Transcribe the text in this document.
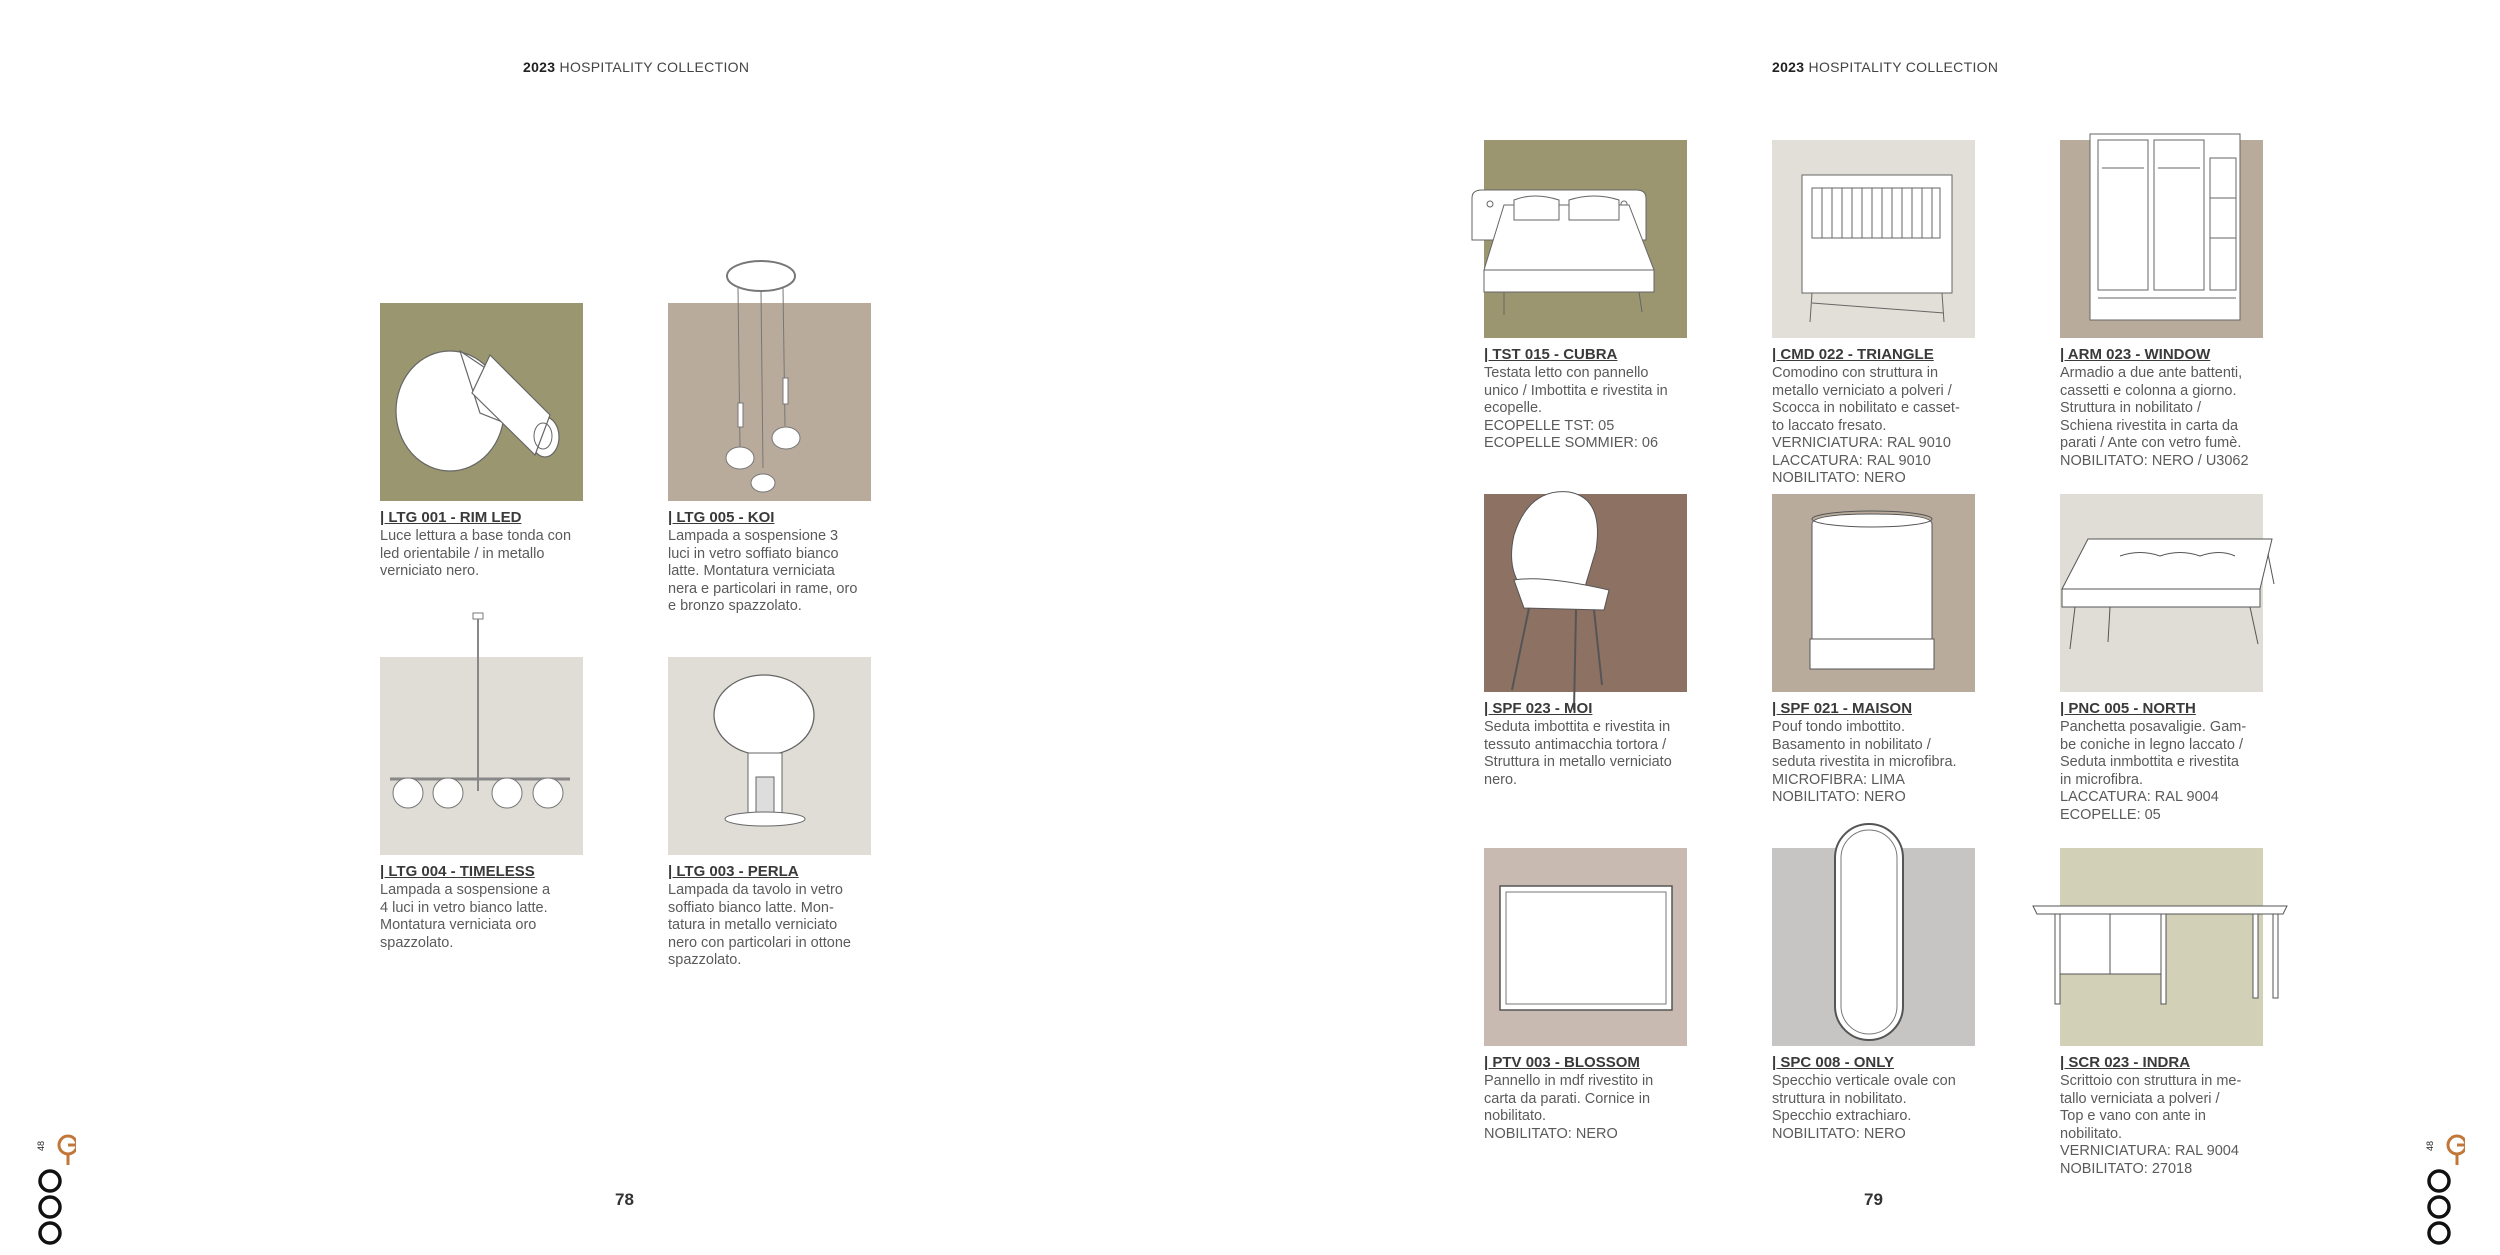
2023 HOSPITALITY COLLECTION	2023 HOSPITALITY COLLECTION
| LTG 001 - RIM LED
Luce lettura a base tonda con
led orientabile / in metallo
verniciato nero.
| LTG 005 - KOI
Lampada a sospensione 3
luci in vetro soffiato bianco
latte. Montatura verniciata
nera e particolari in rame, oro
e bronzo spazzolato.
| LTG 004 - TIMELESS
Lampada a sospensione a
4 luci in vetro bianco latte.
Montatura verniciata oro
spazzolato.
| LTG 003 - PERLA
Lampada da tavolo in vetro
soffiato bianco latte. Mon-
tatura in metallo verniciato
nero con particolari in ottone
spazzolato.
| TST 015 - CUBRA
Testata letto con pannello
unico / Imbottita e rivestita in
ecopelle.
ECOPELLE TST: 05
ECOPELLE SOMMIER: 06
| CMD 022 - TRIANGLE
Comodino con struttura in
metallo verniciato a polveri /
Scocca in nobilitato e casset-
to laccato fresato.
VERNICIATURA: RAL 9010
LACCATURA: RAL 9010
NOBILITATO: NERO
| ARM 023 - WINDOW
Armadio a due ante battenti,
cassetti e colonna a giorno.
Struttura in nobilitato /
Schiena rivestita in carta da
parati / Ante con vetro fumè.
NOBILITATO: NERO / U3062
| SPF 023 - MOI
Seduta imbottita e rivestita in
tessuto antimacchia tortora /
Struttura in metallo verniciato
nero.
| SPF 021 - MAISON
Pouf tondo imbottito.
Basamento in nobilitato /
seduta rivestita in microfibra.
MICROFIBRA: LIMA
NOBILITATO: NERO
| PNC 005 - NORTH
Panchetta posavaligie. Gam-
be coniche in legno laccato /
Seduta inmbottita e rivestita
in microfibra.
LACCATURA: RAL 9004
ECOPELLE: 05
| PTV 003 - BLOSSOM
Pannello in mdf rivestito in
carta da parati. Cornice in
nobilitato.
NOBILITATO: NERO
| SPC 008 - ONLY
Specchio verticale ovale con
struttura in nobilitato.
Specchio extrachiaro.
NOBILITATO: NERO
| SCR 023 - INDRA
Scrittoio con struttura in me-
tallo verniciata a polveri /
Top e vano con ante in
nobilitato.
VERNICIATURA: RAL 9004
NOBILITATO: 27018
78	79
48	48
